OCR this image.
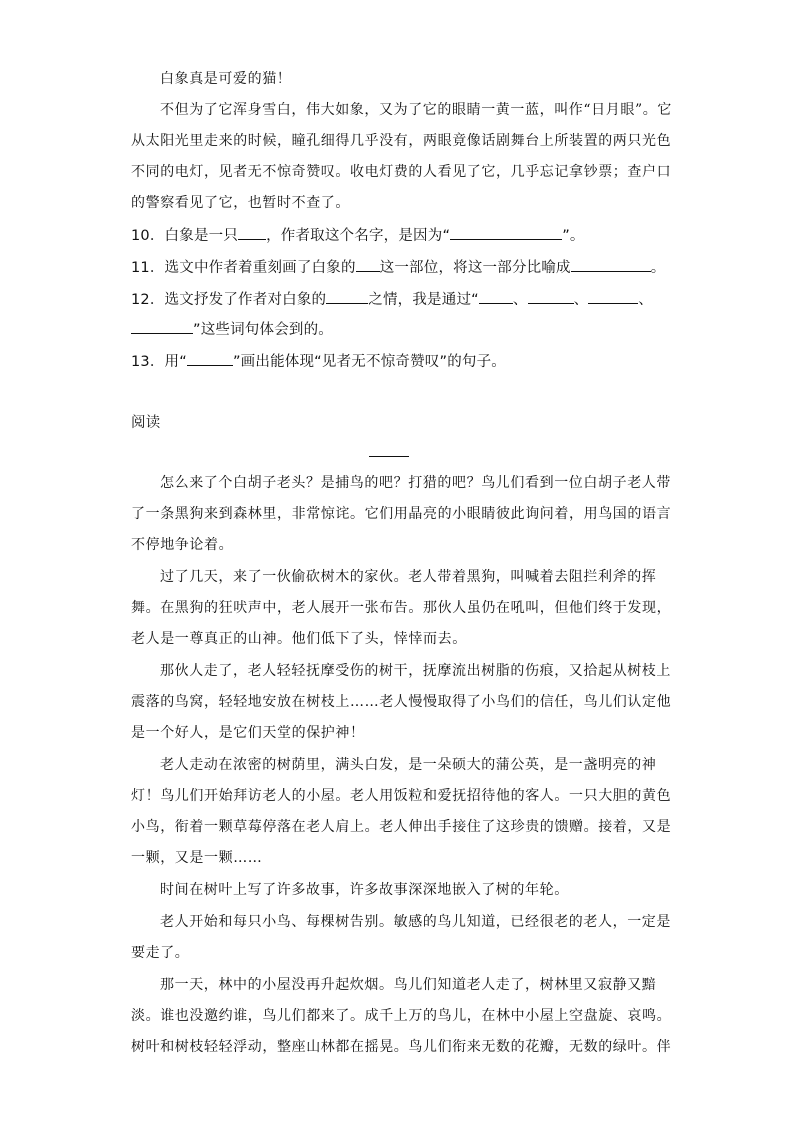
白象真是可爱的猫！
不但为了它浑身雪白，伟大如象，又为了它的眼睛一黄一蓝，叫作“日月眼”。它
从太阳光里走来的时候，瞳孔细得几乎没有，两眼竟像话剧舞台上所装置的两只光色
不同的电灯，见者无不惊奇赞叹。收电灯费的人看见了它，几乎忘记拿钞票；查户口
的警察看见了它，也暂时不查了。
10．白象是一只 ，作者取这个名字，是因为“	”。
11．选文中作者着重刻画了白象的 这一部位，将这一部分比喻成	。
12．选文抒发了作者对白象的	之情，我是通过“ 、	、	、
”这些词句体会到的。
13．用“	”画出能体现“见者无不惊奇赞叹”的句子。
阅读
怎么来了个白胡子老头？是捕鸟的吧？打猎的吧？鸟儿们看到一位白胡子老人带
了一条黑狗来到森林里，非常惊诧。它们用晶亮的小眼睛彼此询问着，用鸟国的语言
不停地争论着。
过了几天，来了一伙偷砍树木的家伙。老人带着黑狗，叫喊着去阻拦利斧的挥
舞。在黑狗的狂吠声中，老人展开一张布告。那伙人虽仍在吼叫，但他们终于发现，
老人是一尊真正的山神。他们低下了头，悻悻而去。
那伙人走了，老人轻轻抚摩受伤的树干，抚摩流出树脂的伤痕，又拾起从树枝上
震落的鸟窝，轻轻地安放在树枝上……老人慢慢取得了小鸟们的信任，鸟儿们认定他
是一个好人，是它们天堂的保护神！
老人走动在浓密的树荫里，满头白发，是一朵硕大的蒲公英，是一盏明亮的神
灯！鸟儿们开始拜访老人的小屋。老人用饭粒和爱抚招待他的客人。一只大胆的黄色
小鸟，衔着一颗草莓停落在老人肩上。老人伸出手接住了这珍贵的馈赠。接着，又是
一颗，又是一颗……
时间在树叶上写了许多故事，许多故事深深地嵌入了树的年轮。
老人开始和每只小鸟、每棵树告别。敏感的鸟儿知道，已经很老的老人，一定是
要走了。
那一天，林中的小屋没再升起炊烟。鸟儿们知道老人走了，树林里又寂静又黯
淡。谁也没邀约谁，鸟儿们都来了。成千上万的鸟儿，在林中小屋上空盘旋、哀鸣。
树叶和树枝轻轻浮动，整座山林都在摇晃。鸟儿们衔来无数的花瓣，无数的绿叶。伴
